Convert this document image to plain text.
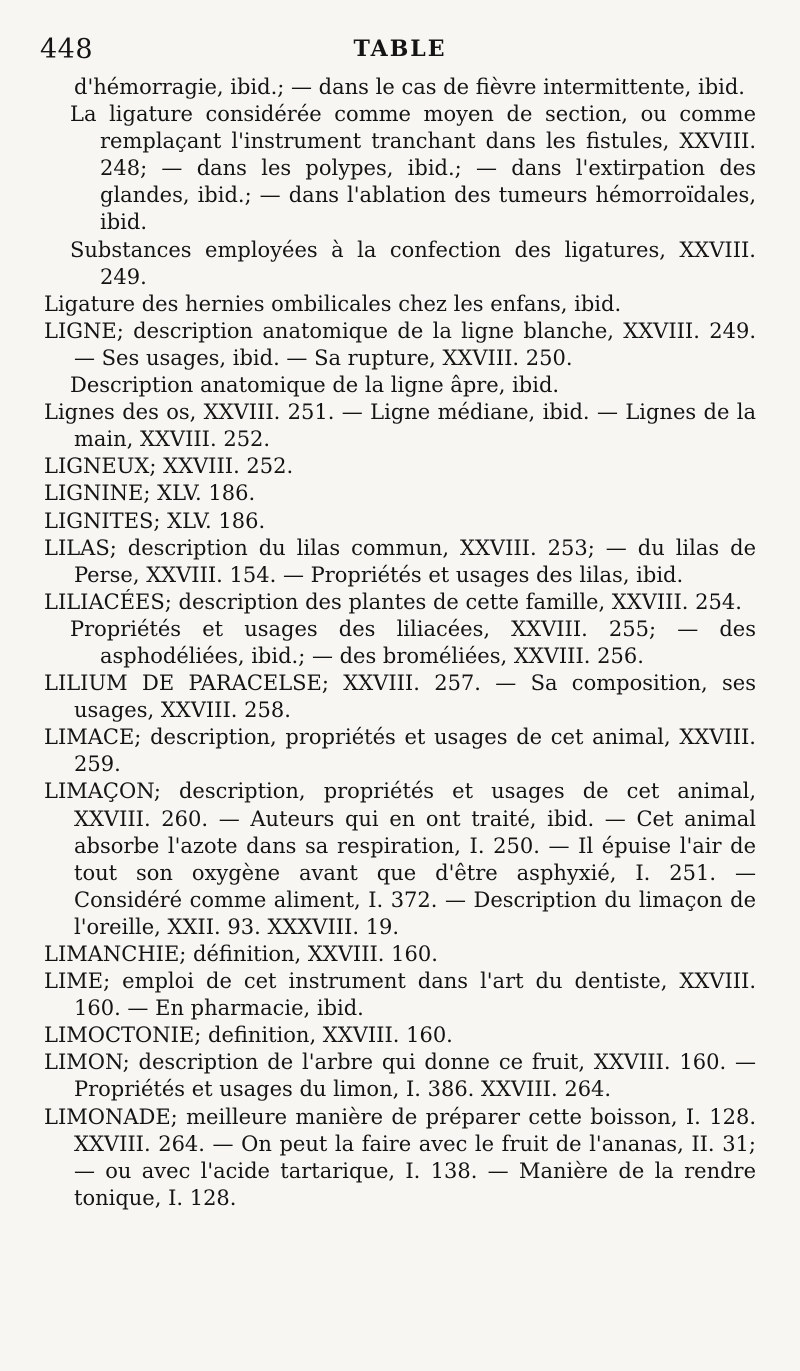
448	TABLE

d'hémorragie, ibid.; — dans le cas de fièvre intermittente, ibid.

La ligature considérée comme moyen de section, ou comme remplaçant l'instrument tranchant dans les fistules, XXVIII. 248; — dans les polypes, ibid.; — dans l'extirpation des glandes, ibid.; — dans l'ablation des tumeurs hémorroïdales, ibid.

Substances employées à la confection des ligatures, XXVIII. 249.

Ligature des hernies ombilicales chez les enfans, ibid.

LIGNE; description anatomique de la ligne blanche, XXVIII. 249. — Ses usages, ibid. — Sa rupture, XXVIII. 250.

Description anatomique de la ligne âpre, ibid.

Lignes des os, XXVIII. 251. — Ligne médiane, ibid. — Lignes de la main, XXVIII. 252.

LIGNEUX; XXVIII. 252.

LIGNINE; XLV. 186.

LIGNITES; XLV. 186.

LILAS; description du lilas commun, XXVIII. 253; — du lilas de Perse, XXVIII. 154. — Propriétés et usages des lilas, ibid.

LILIACÉES; description des plantes de cette famille, XXVIII. 254.

Propriétés et usages des liliacées, XXVIII. 255; — des asphodéliées, ibid.; — des broméliées, XXVIII. 256.

LILIUM DE PARACELSE; XXVIII. 257. — Sa composition, ses usages, XXVIII. 258.

LIMACE; description, propriétés et usages de cet animal, XXVIII. 259.

LIMAÇON; description, propriétés et usages de cet animal, XXVIII. 260. — Auteurs qui en ont traité, ibid. — Cet animal absorbe l'azote dans sa respiration, I. 250. — Il épuise l'air de tout son oxygène avant que d'être asphyxié, I. 251. — Considéré comme aliment, I. 372. — Description du limaçon de l'oreille, XXII. 93. XXXVIII. 19.

LIMANCHIE; définition, XXVIII. 160.

LIME; emploi de cet instrument dans l'art du dentiste, XXVIII. 160. — En pharmacie, ibid.

LIMOCTONIE; definition, XXVIII. 160.

LIMON; description de l'arbre qui donne ce fruit, XXVIII. 160. — Propriétés et usages du limon, I. 386. XXVIII. 264.

LIMONADE; meilleure manière de préparer cette boisson, I. 128. XXVIII. 264. — On peut la faire avec le fruit de l'ananas, II. 31; — ou avec l'acide tartarique, I. 138. — Manière de la rendre tonique, I. 128.
